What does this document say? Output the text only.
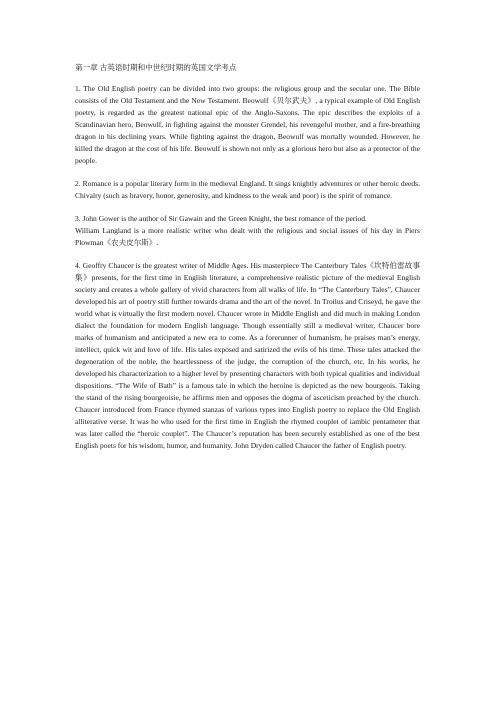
第一章 古英语时期和中世纪时期的英国文学考点

1. The Old English poetry can be divided into two groups: the religious group and the secular one. The Bible consists of the Old Testament and the New Testament. Beowulf《贝尔武夫》, a typical example of Old English poetry, is regarded as the greatest national epic of the Anglo-Saxons. The epic describes the exploits of a Scandinavian hero, Beowulf, in fighting against the monster Grendel, his revengeful mother, and a fire-breathing dragon in his declining years. While fighting against the dragon, Beowulf was mortally wounded. However, he killed the dragon at the cost of his life. Beowulf is shown not only as a glorious hero but also as a protector of the people.

2. Romance is a popular literary form in the medieval England. It sings knightly adventures or other heroic deeds. Chivalry (such as bravery, honor, generosity, and kindness to the weak and poor) is the spirit of romance.

3. John Gower is the author of Sir Gawain and the Green Knight, the best romance of the period.

William Langland is a more realistic writer who dealt with the religious and social issues of his day in Piers Plowman《农夫皮尔斯》.

4. Geoffry Chaucer is the greatest writer of Middle Ages. His masterpiece The Canterbury Tales《坎特伯雷故事集》presents, for the first time in English literature, a comprehensive realistic picture of the medieval English society and creates a whole gallery of vivid characters from all walks of life. In “The Canterbury Tales”, Chaucer developed his art of poetry still further towards drama and the art of the novel. In Troilus and Criseyd, he gave the world what is virtually the first modern novel. Chaucer wrote in Middle English and did much in making London dialect the foundation for modern English language. Though essentially still a medieval writer, Chaucer bore marks of humanism and anticipated a new era to come. As a forerunner of humanism, he praises man’s energy, intellect, quick wit and love of life. His tales exposed and satirized the evils of his time. These tales attacked the degeneration of the noble, the heartlessness of the judge, the corruption of the church, etc. In his works, he developed his characterization to a higher level by presenting characters with both typical qualities and individual dispositions. “The Wife of Bath” is a famous tale in which the heroine is depicted as the new bourgeois. Taking the stand of the rising bourgeoisie, he affirms men and opposes the dogma of asceticism preached by the church. Chaucer introduced from France rhymed stanzas of various types into English poetry to replace the Old English alliterative verse. It was he who used for the first time in English the rhymed couplet of iambic pentameter that was later called the “heroic couplet”. The Chaucer’s reputation has been securely established as one of the best English poets for his wisdom, humor, and humanity. John Dryden called Chaucer the father of English poetry.
